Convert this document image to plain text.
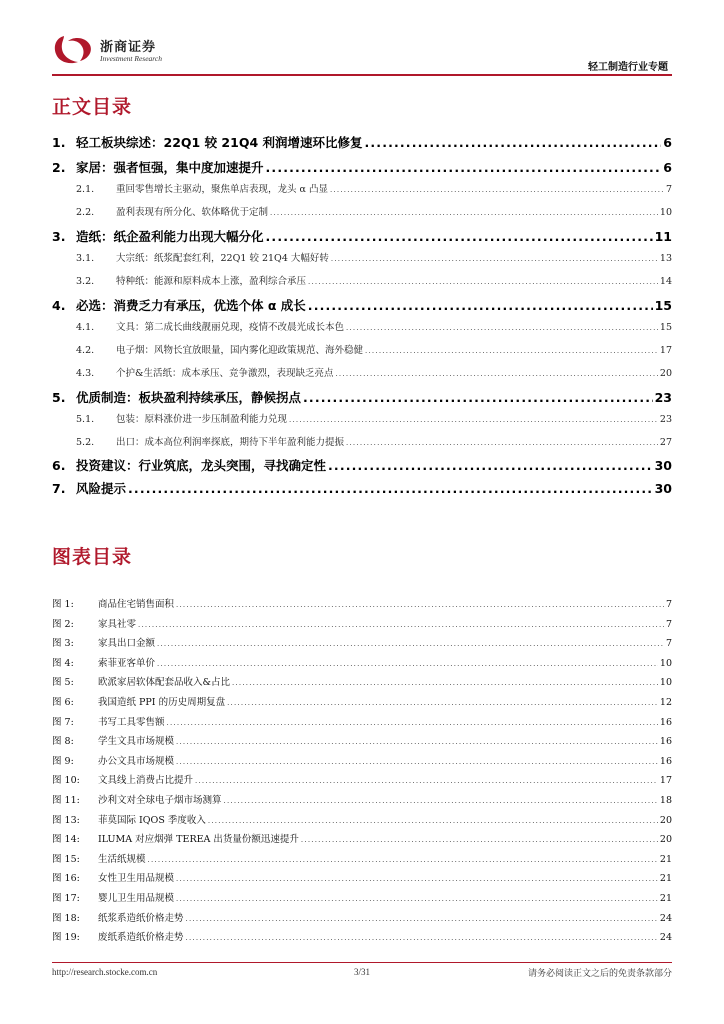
浙商证券
Investment Research
轻工制造行业专题
正文目录
1. 轻工板块综述：22Q1 较 21Q4 利润增速环比修复 . . .	6
2. 家居：强者恒强，集中度加速提升 . . .	6
2.1.	重回零售增长主驱动，聚焦单店表现，龙头 α 凸显 . . .	7
2.2.	盈利表现有所分化、软体略优于定制 . . .	10
3. 造纸：纸企盈利能力出现大幅分化 . . .	11
3.1.	大宗纸：纸浆配套红利，22Q1 较 21Q4 大幅好转 . . .	13
3.2.	特种纸：能源和原料成本上涨，盈利综合承压 . . .	14
4. 必选：消费乏力有承压，优选个体 α 成长 . . .	15
4.1.	文具：第二成长曲线靓丽兑现，疫情不改晨光成长本色 . . .	15
4.2.	电子烟：风物长宜放眼量，国内雾化迎政策规范、海外稳健 . . .	17
4.3.	个护&生活纸：成本承压、竞争激烈，表现缺乏亮点 . . .	20
5. 优质制造：板块盈利持续承压，静候拐点 . . .	23
5.1.	包装：原料涨价进一步压制盈利能力兑现 . . .	23
5.2.	出口：成本高位利润率探底，期待下半年盈利能力提振 . . .	27
6. 投资建议：行业筑底，龙头突围，寻找确定性 . . .	30
7. 风险提示 . . .	30
图表目录
图 1:	商品住宅销售面积 . . .	7
图 2:	家具社零 . . .	7
图 3:	家具出口金额 . . .	7
图 4:	索菲亚客单价 . . .	10
图 5:	欧派家居软体配套品收入&占比 . . .	10
图 6:	我国造纸 PPI 的历史周期复盘 . . .	12
图 7:	书写工具零售额 . . .	16
图 8:	学生文具市场规模 . . .	16
图 9:	办公文具市场规模 . . .	16
图 10:	文具线上消费占比提升 . . .	17
图 11:	沙利文对全球电子烟市场测算 . . .	18
图 13:	菲莫国际 IQOS 季度收入 . . .	20
图 14:	ILUMA 对应烟弹 TEREA 出货量份额迅速提升 . . .	20
图 15:	生活纸规模 . . .	21
图 16:	女性卫生用品规模 . . .	21
图 17:	婴儿卫生用品规模 . . .	21
图 18:	纸浆系造纸价格走势 . . .	24
图 19:	废纸系造纸价格走势 . . .	24
http://research.stocke.com.cn	3/31	请务必阅读正文之后的免责条款部分
